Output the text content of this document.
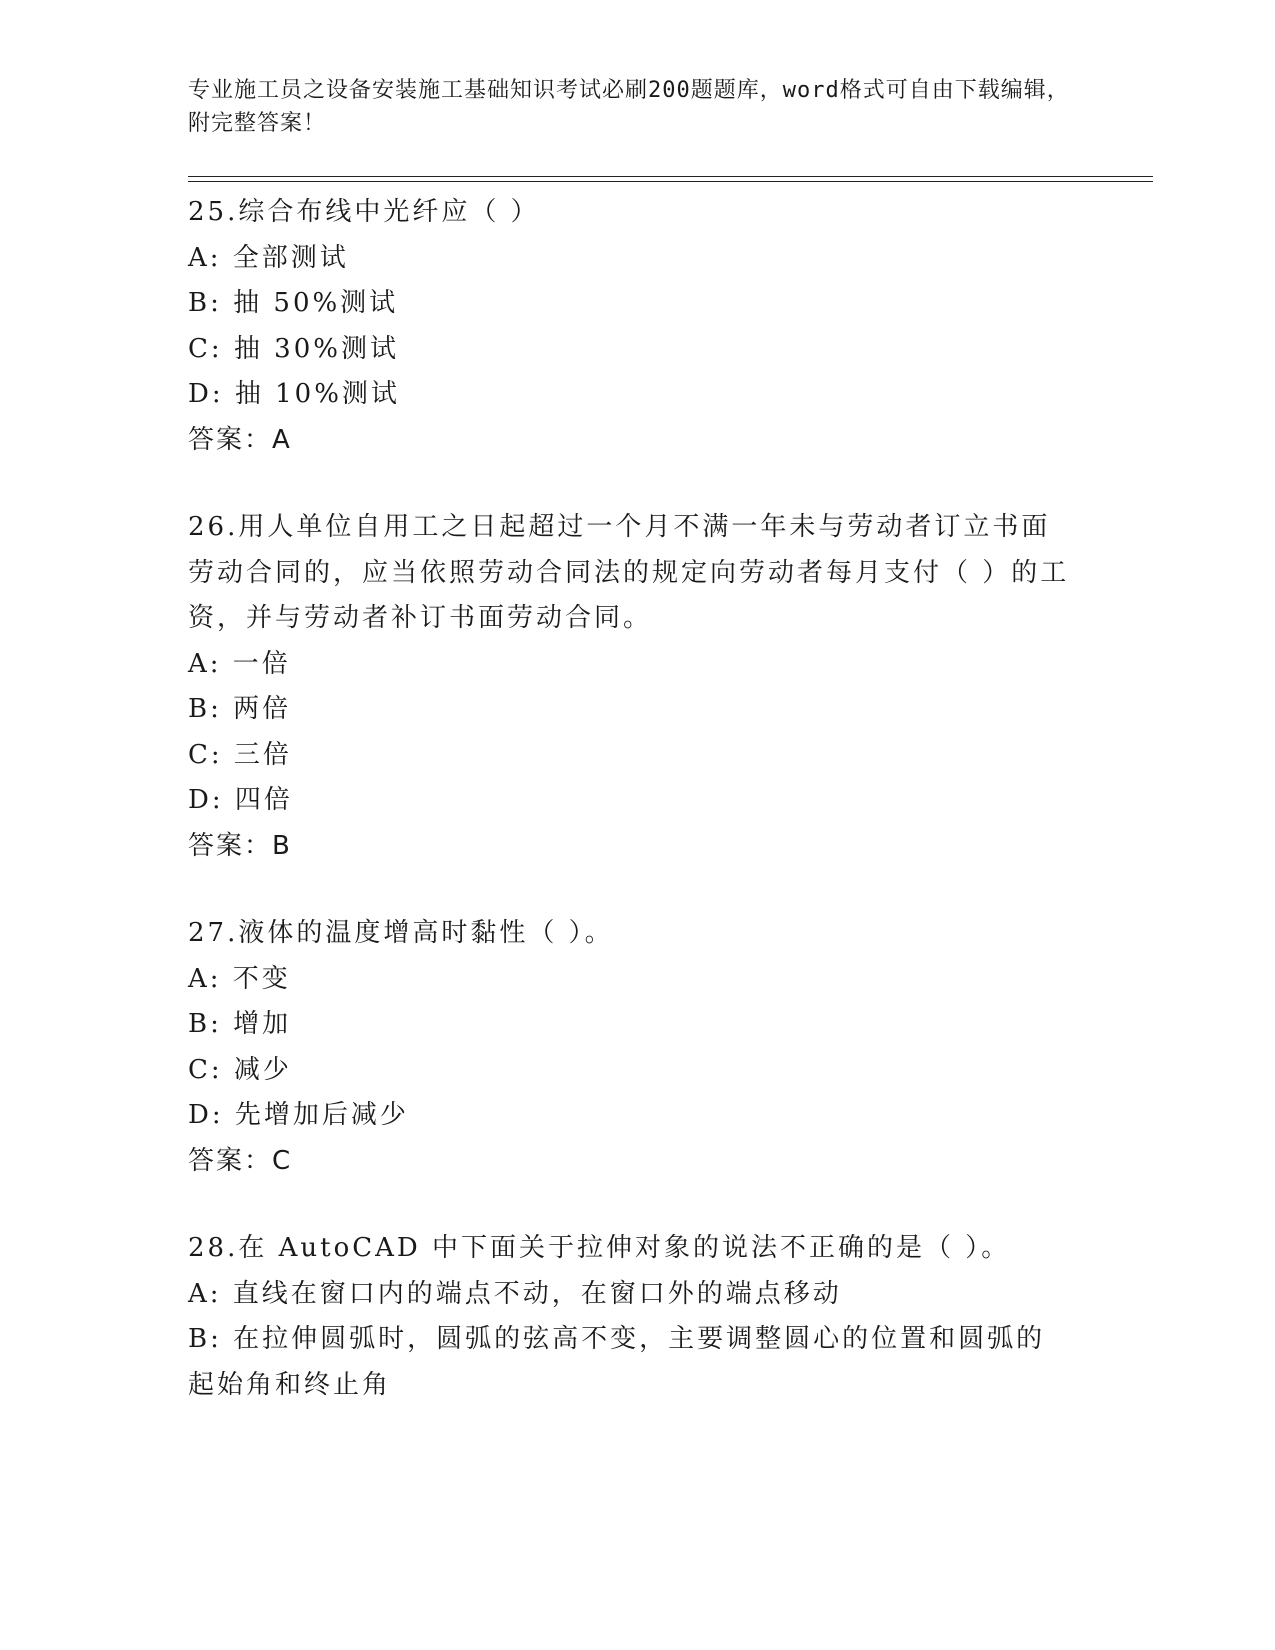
专业施工员之设备安装施工基础知识考试必刷200题题库，word格式可自由下载编辑，附完整答案！
25.综合布线中光纤应（ ）
A: 全部测试
B: 抽 50%测试
C: 抽 30%测试
D: 抽 10%测试
答案：A
26.用人单位自用工之日起超过一个月不满一年未与劳动者订立书面劳动合同的，应当依照劳动合同法的规定向劳动者每月支付（ ）的工资，并与劳动者补订书面劳动合同。
A: 一倍
B: 两倍
C: 三倍
D: 四倍
答案：B
27.液体的温度增高时黏性（ ）。
A: 不变
B: 增加
C: 减少
D: 先增加后减少
答案：C
28.在 AutoCAD 中下面关于拉伸对象的说法不正确的是（ ）。
A: 直线在窗口内的端点不动，在窗口外的端点移动
B: 在拉伸圆弧时，圆弧的弦高不变，主要调整圆心的位置和圆弧的起始角和终止角
